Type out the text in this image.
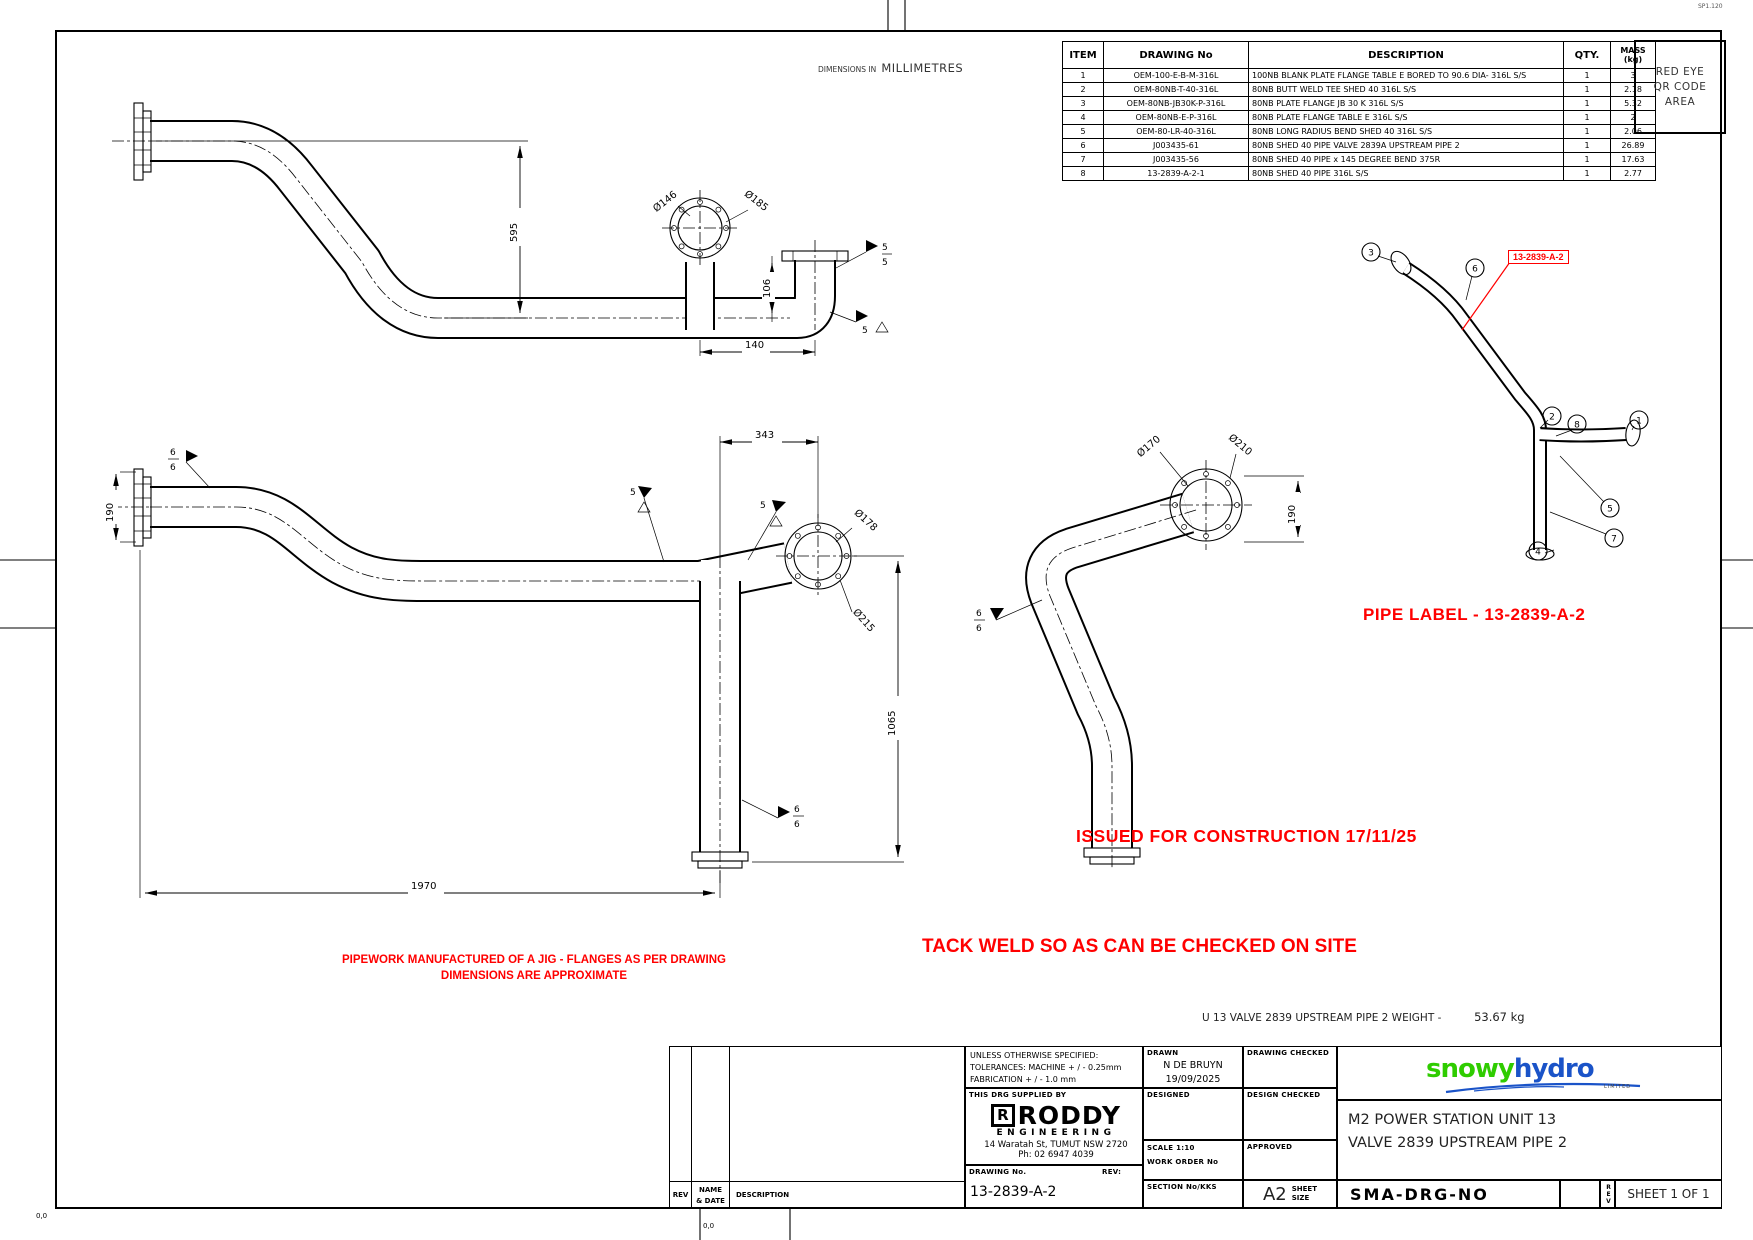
595
Ø146	Ø185
106
140
5
5
5
190
343
Ø178
Ø215
1065
1970
6
6
5
5
6
6
Ø170	Ø210
190
6
6
3
6
2
8	1
5
7
4
SP1.120
0,0
0,0
DIMENSIONS IN MILLIMETRES
ITEM	DRAWING No	DESCRIPTION	QTY.	MASS
(kg)

1	OEM-100-E-B-M-316L	100NB BLANK PLATE FLANGE TABLE E BORED TO 90.6 DIA- 316L S/S	1	3
2	OEM-80NB-T-40-316L	80NB BUTT WELD TEE SHED 40 316L S/S	1	2.18
3	OEM-80NB-JB30K-P-316L	80NB PLATE FLANGE JB 30 K 316L S/S	1	5.32
4	OEM-80NB-E-P-316L	80NB PLATE FLANGE TABLE E 316L S/S	1	2
5	OEM-80-LR-40-316L	80NB LONG RADIUS BEND SHED 40 316L S/S	1	2.06
6	J003435-61	80NB SHED 40 PIPE VALVE 2839A UPSTREAM PIPE 2	1	26.89
7	J003435-56	80NB SHED 40 PIPE x 145 DEGREE BEND 375R	1	17.63
8	13-2839-A-2-1	80NB SHED 40 PIPE 316L S/S	1	2.77
RED EYE
QR CODE
AREA
13-2839-A-2
PIPE LABEL - 13-2839-A-2
ISSUED FOR CONSTRUCTION 17/11/25
TACK WELD SO AS CAN BE CHECKED ON SITE
PIPEWORK MANUFACTURED OF A JIG - FLANGES AS PER DRAWING
DIMENSIONS ARE APPROXIMATE
U 13 VALVE 2839 UPSTREAM PIPE 2 WEIGHT -	53.67 kg
REV
NAME
& DATE
DESCRIPTION
UNLESS OTHERWISE SPECIFIED:
TOLERANCES: MACHINE + / - 0.25mm
FABRICATION + / - 1.0 mm
THIS DRG SUPPLIED BY
R RODDY
ENGINEERING
14 Waratah St, TUMUT NSW 2720
Ph: 02 6947 4039
DRAWING No.	REV:
13-2839-A-2
DRAWN
N DE BRUYN
19/09/2025
DESIGNED
SCALE 1:10
WORK ORDER No
SECTION No/KKS
DRAWING CHECKED
DESIGN CHECKED
APPROVED
A2 SHEET
SIZE
snowyhydro
LIMITED
M2 POWER STATION UNIT 13
VALVE 2839 UPSTREAM PIPE 2
SMA-DRG-NO	REV SHEET 1 OF 1
